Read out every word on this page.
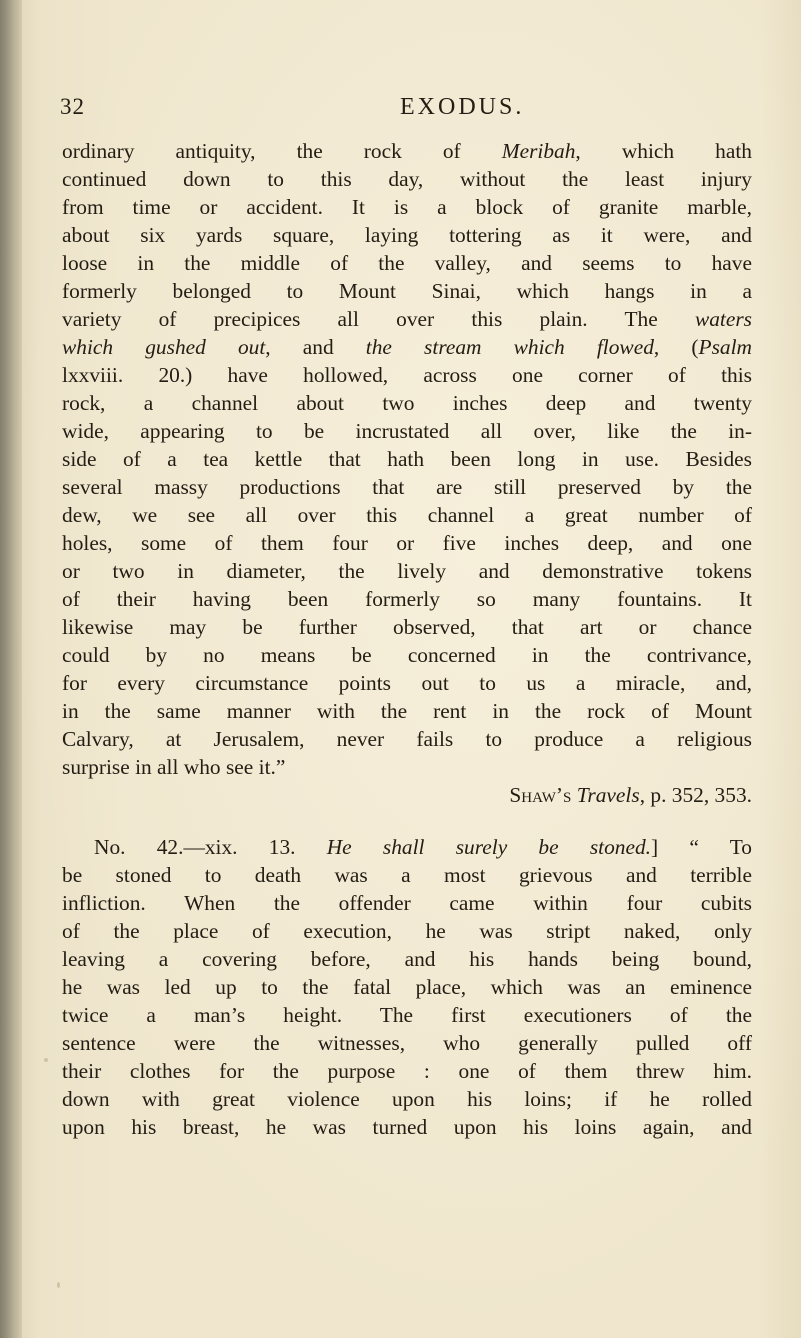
32	EXODUS.
ordinary antiquity, the rock of Meribah, which hath
continued down to this day, without the least injury
from time or accident. It is a block of granite marble,
about six yards square, laying tottering as it were, and
loose in the middle of the valley, and seems to have
formerly belonged to Mount Sinai, which hangs in a
variety of precipices all over this plain. The waters
which gushed out, and the stream which flowed, (Psalm
lxxviii. 20.) have hollowed, across one corner of this
rock, a channel about two inches deep and twenty
wide, appearing to be incrustated all over, like the in-
side of a tea kettle that hath been long in use. Besides
several massy productions that are still preserved by the
dew, we see all over this channel a great number of
holes, some of them four or five inches deep, and one
or two in diameter, the lively and demonstrative tokens
of their having been formerly so many fountains. It
likewise may be further observed, that art or chance
could by no means be concerned in the contrivance,
for every circumstance points out to us a miracle, and,
in the same manner with the rent in the rock of Mount
Calvary, at Jerusalem, never fails to produce a religious
surprise in all who see it.”
Shaw’s Travels, p. 352, 353.
No. 42.—xix. 13. He shall surely be stoned.] “ To
be stoned to death was a most grievous and terrible
infliction. When the offender came within four cubits
of the place of execution, he was stript naked, only
leaving a covering before, and his hands being bound,
he was led up to the fatal place, which was an eminence
twice a man’s height. The first executioners of the
sentence were the witnesses, who generally pulled off
their clothes for the purpose : one of them threw him.
down with great violence upon his loins; if he rolled
upon his breast, he was turned upon his loins again, and
